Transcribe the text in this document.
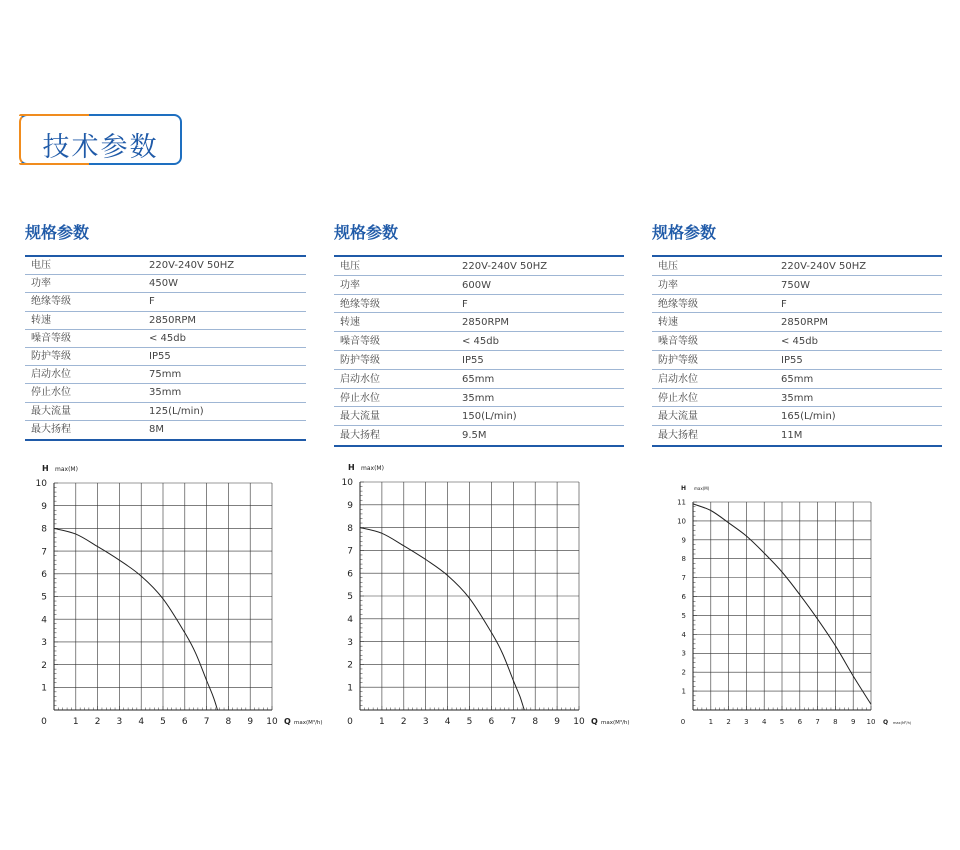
技术参数
规格参数
电压	220V-240V 50HZ
功率	450W
绝缘等级	F
转速	2850RPM
噪音等级	< 45db
防护等级	IP55
启动水位	75mm
停止水位	35mm
最大流量	125(L/min)
最大扬程	8M
规格参数
电压	220V-240V 50HZ
功率	600W
绝缘等级	F
转速	2850RPM
噪音等级	< 45db
防护等级	IP55
启动水位	65mm
停止水位	35mm
最大流量	150(L/min)
最大扬程	9.5M
规格参数
电压	220V-240V 50HZ
功率	750W
绝缘等级	F
转速	2850RPM
噪音等级	< 45db
防护等级	IP55
启动水位	65mm
停止水位	35mm
最大流量	165(L/min)
最大扬程	11M
0	1 2 3 4 5 6 7 8 9 10
1
2
3
4
5
6
7
8
9
10
H max(M)
Q max(M³/h)	0	1 2 3 4 5 6 7 8 9 10
1
2
3
4
5
6
7
8
9
10
H max(M)
Q max(M³/h)	0	1 2 3 4 5 6 7 8 9 10
1
2
3
4
5
6
7
8
9
10
11
H max(M)
Q max(M³/h)
